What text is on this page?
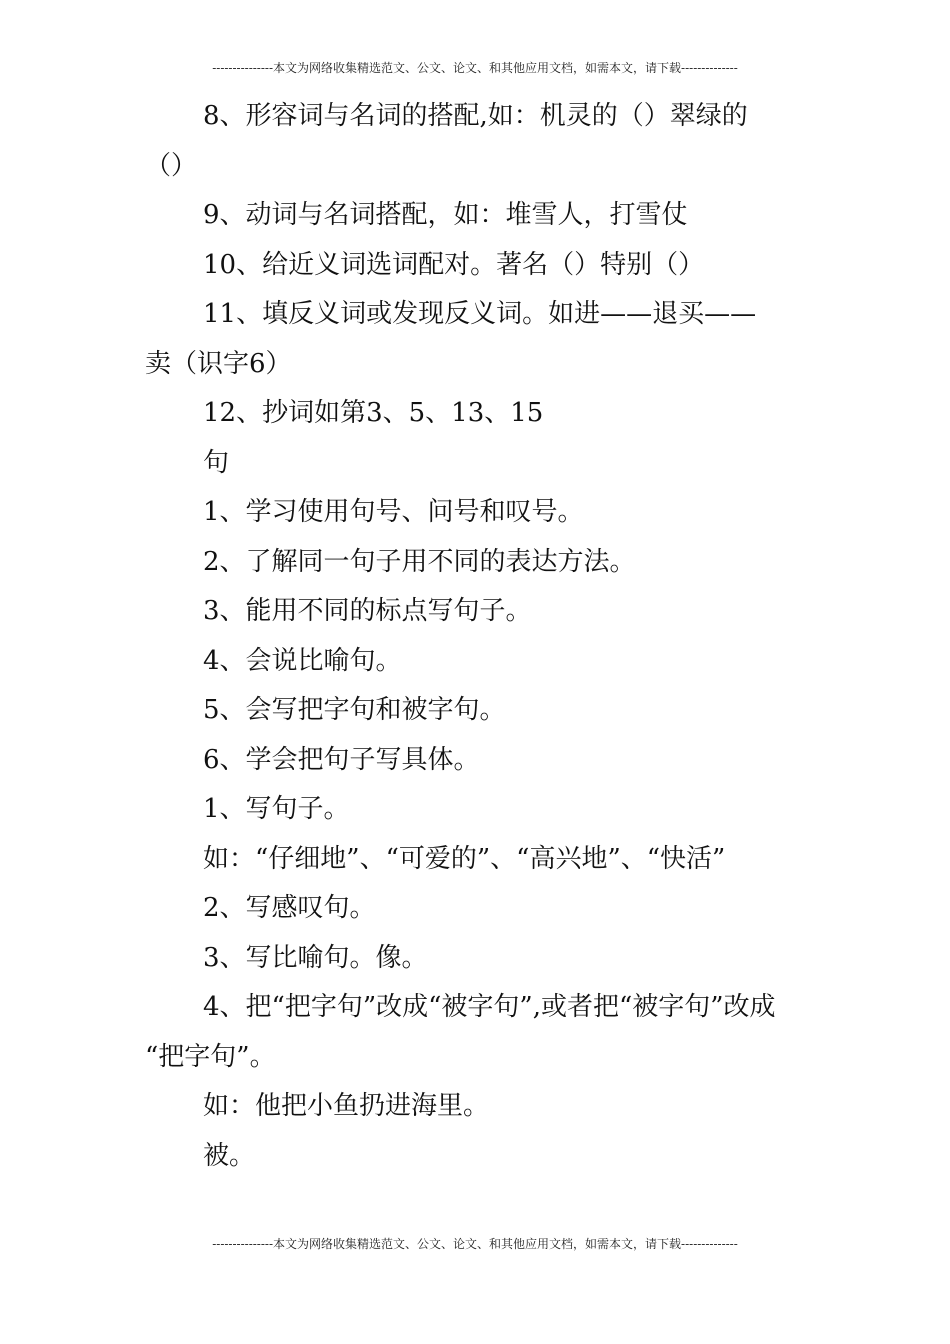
---------------本文为网络收集精选范文、公文、论文、和其他应用文档，如需本文，请下载--------------
8、形容词与名词的搭配,如：机灵的（）翠绿的
（）
9、动词与名词搭配，如：堆雪人，打雪仗
10、给近义词选词配对。著名（）特别（）
11、填反义词或发现反义词。如进——退买——
卖（识字6）
12、抄词如第3、5、13、15
句
1、学习使用句号、问号和叹号。
2、了解同一句子用不同的表达方法。
3、能用不同的标点写句子。
4、会说比喻句。
5、会写把字句和被字句。
6、学会把句子写具体。
1、写句子。
如：“仔细地”、“可爱的”、“高兴地”、“快活”
2、写感叹句。
3、写比喻句。像。
4、把“把字句”改成“被字句”,或者把“被字句”改成
“把字句”。
如：他把小鱼扔进海里。
被。
---------------本文为网络收集精选范文、公文、论文、和其他应用文档，如需本文，请下载--------------
